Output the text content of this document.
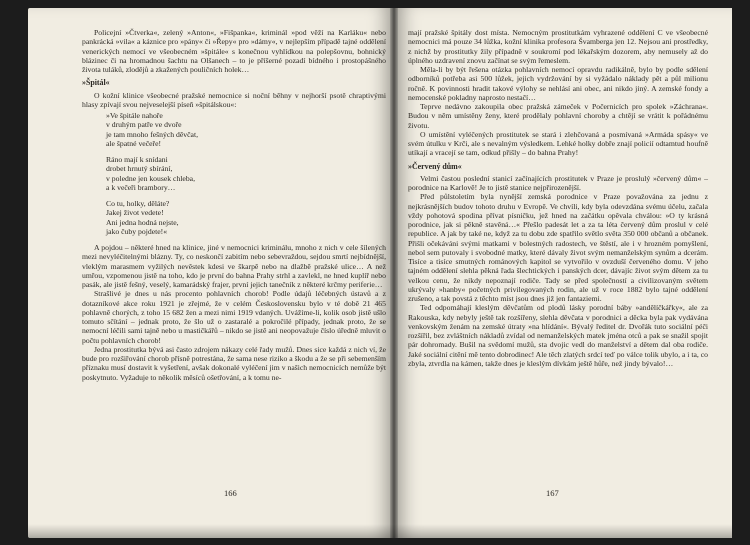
Policejní »Čtverka«, zelený »Anton«, »Fišpanka«, kriminál »pod věží na Karláku« nebo pankrácká »vila« a káznice pro »pány« či »Řepy« pro »dámy«, v nejlepším případě tajné oddělení venerických nemocí ve všeobecném »špitále« s konečnou vyhlídkou na polepšovnu, bohnický blázinec či na hromadnou šachtu na Olšanech – to je příšerné pozadí bídného i prostopášného života tuláků, zlodějů a zkažených pouličních holek…

»Špitál«

O kožní klinice všeobecné pražské nemocnice si noční běhny v nejhorší psotě chraptivými hlasy zpívají svou nejveselejší píseň »špitálskou«:

»Ve špitále nahoře
v druhým patře ve dvoře
je tam mnoho fešných děvčat,
ale špatné večeře!
Ráno mají k snídani
drobet hrnutý sbírání,
v poledne jen kousek chleba,
a k večeři brambory…
Co tu, holky, děláte?
Jakej život vedete!
Ani jedna hodná nejste,
jako čuby pojdete!«

A pojdou – některé hned na klinice, jiné v nemocnici kriminálu, mnoho z nich v cele šílených mezi nevyléčitelnými blázny. Ty, co neskončí zabitím nebo sebevraždou, sejdou smrtí nejbídnější, vleklým marasmem vyžilých nevěstek kdesi ve škarpě nebo na dlažbě pražské ulice… A než umřou, vzpomenou jistě na toho, kdo je první do bahna Prahy strhl a zavlekl, ne hned kuplíř nebo pasák, ale jistě fešný, veselý, kamarádský frajer, první jejich tanečník z některé krčmy periferie…

Strašlivé je dnes u nás procento pohlavních chorob! Podle údajů léčebných ústavů a z dotazníkové akce roku 1921 je zřejmé, že v celém Československu bylo v té době 21 465 pohlavně chorých, z toho 15 682 žen a mezi nimi 1919 vdaných. Uvážíme-li, kolik osob jistě ušlo tomuto sčítání – jednak proto, že šlo už o zastaralé a pokročilé případy, jednak proto, že se nemocní léčili sami tajně nebo u mastičkářů – nikdo se jistě ani neopovažuje číslo úředně mluvit o počtu pohlavních chorob!

Jedna prostitutka bývá asi často zdrojem nákazy celé řady mužů. Dnes sice každá z nich ví, že bude pro rozšiřování chorob přísně potrestána, že sama nese riziko a škodu a že se při sebemenším příznaku musí dostavit k vyšetření, avšak dokonalé vyléčení jim v našich nemocnicích nemůže být poskytnuto. Vyžaduje to několik měsíců ošetřování, a k tomu ne-

166

mají pražské špitály dost místa. Nemocným prostitutkám vyhrazené oddělení C ve všeobecné nemocnici má pouze 34 lůžka, kožní klinika profesora Švamberga jen 12. Nejsou ani prostředky, z nichž by prostitutky žily případně v soukromí pod lékařským dozorem, aby nemusely až do úplného uzdravení znovu začínat se svým řemeslem.

Měla-li by být řešena otázka pohlavních nemocí opravdu radikálně, bylo by podle sdělení odborníků potřeba asi 500 lůžek, jejich vydržování by si vyžádalo náklady pět a půl milionu ročně. K povinnosti hradit takové výlohy se nehlásí ani obec, ani nikdo jiný. A zemské fondy a nemocenské pokladny naprosto nestačí…

Teprve nedávno zakoupila obec pražská zámeček v Počernicích pro spolek »Záchrana«. Budou v něm umístěny ženy, které prodělaly pohlavní choroby a chtějí se vrátit k pořádnému životu.

O umístění vyléčených prostitutek se stará i zlehčovaná a posmívaná »Armáda spásy« ve svém útulku v Krči, ale s nevalným výsledkem. Lehké holky dobře znají policií odtamtud houfně utíkají a vracejí se tam, odkud přišly – do bahna Prahy!

»Červený dům«

Velmi častou poslední stanicí začínajících prostitutek v Praze je proslulý »červený dům« – porodnice na Karlově! Je to jistě stanice nejpřirozenější.

Před půlstoletím byla nynější zemská porodnice v Praze považována za jednu z nejkrásnějších budov tohoto druhu v Evropě. Ve chvíli, kdy byla odevzdána svému účelu, začala vždy pohotová spodina přívat písničku, jež hned na začátku opěvala chválou: »O ty krásná porodnice, jak si pěkně stavěná…« Přešlo padesát let a za ta léta červený dům proslul v celé republice. A jak by také ne, když za tu dobu zde spatřilo světlo světa 350 000 občanů a občanek. Přišli očekáváni svými matkami v bolestných radostech, ve štěstí, ale i v hrozném pomyšlení, nebol sem putovaly i svobodné matky, které dávaly život svým nemanželským synům a dcerám. Tisíce a tisíce smutných románových kapitol se vytvořilo v ovzduší červeného domu. V jeho tajném oddělení slehla pěkná řada šlechtických i panských dcer, dávajíc život svým dětem za tu velkou cenu, že nikdy nepoznají rodiče. Tady se před společností a civilizovaným světem ukrývaly »hanby« početných privilegovaných rodin, ale už v roce 1882 bylo tajné oddělení zrušeno, a tak povstá z těchto míst jsou dnes již jen fantaziemi.

Ted odpomáhají kleslým děvčatům od plodů lásky porodní báby »andělíčkářky«, ale za Rakouska, kdy nebyly ještě tak rozšířeny, slehla děvčata v porodnici a děcka byla pak vydávána venkovským ženám na zemské útraty »na hlídání«. Bývalý ředitel dr. Dvořák tuto sociální péči rozšířil, bez zvláštních nákladů zvídal od nemanželských matek jména otců a pak se snažil spojit pár dohromady. Bušil na svědomí mužů, sta dvojic vedl do manželství a dětem dal oba rodiče. Jaké sociální citění mě tento dobrodinec! Ale těch zlatých srdcí teď po válce tolik ubylo, a i ta, co zbyla, ztvrdla na kámen, takže dnes je kleslým dívkám ještě hůře, než jindy bývalo!…

167
